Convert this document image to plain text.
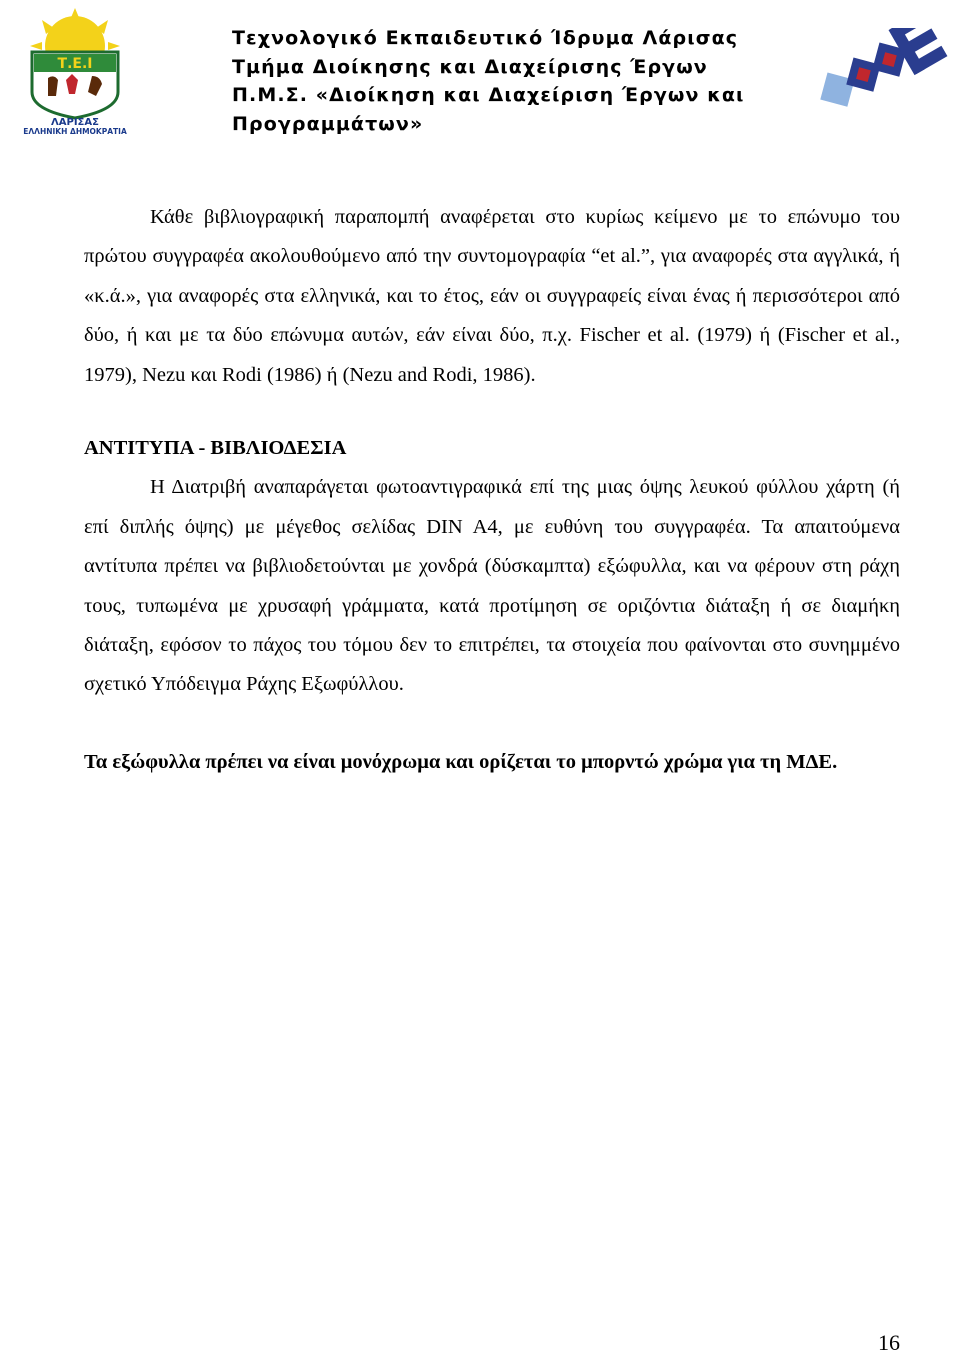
Τ.Ε.Ι
ΛΑΡΙΣΑΣ
ΕΛΛΗΝΙΚΗ ΔΗΜΟΚΡΑΤΙΑ
Τεχνολογικό Εκπαιδευτικό Ίδρυμα Λάρισας
Τμήμα Διοίκησης και Διαχείρισης Έργων
Π.Μ.Σ. «Διοίκηση και Διαχείριση Έργων και
Προγραμμάτων»

Κάθε βιβλιογραφική παραπομπή αναφέρεται στο κυρίως κείμενο με το επώνυμο του πρώτου συγγραφέα ακολουθούμενο από την συντομογραφία “et al.”, για αναφορές στα αγγλικά, ή «κ.ά.», για αναφορές στα ελληνικά, και το έτος, εάν οι συγγραφείς είναι ένας ή περισσότεροι από δύο, ή και με τα δύο επώνυμα αυτών, εάν είναι δύο, π.χ. Fischer et al. (1979) ή (Fischer et al., 1979), Nezu και Rodi (1986) ή (Nezu and Rodi, 1986).

ΑΝΤΙΤΥΠΑ - ΒΙΒΛΙΟΔΕΣΙΑ

Η Διατριβή αναπαράγεται φωτοαντιγραφικά επί της μιας όψης λευκού φύλλου χάρτη (ή επί διπλής όψης) με μέγεθος σελίδας DIN A4, με ευθύνη του συγγραφέα. Τα απαιτούμενα αντίτυπα πρέπει να βιβλιοδετούνται με χονδρά (δύσκαμπτα) εξώφυλλα, και να φέρουν στη ράχη τους, τυπωμένα με χρυσαφή γράμματα, κατά προτίμηση σε οριζόντια διάταξη ή σε διαμήκη διάταξη, εφόσον το πάχος του τόμου δεν το επιτρέπει, τα στοιχεία που φαίνονται στο συνημμένο σχετικό Υπόδειγμα Ράχης Εξωφύλλου.

Τα εξώφυλλα πρέπει να είναι μονόχρωμα και ορίζεται το μπορντώ χρώμα για τη ΜΔΕ.

16
